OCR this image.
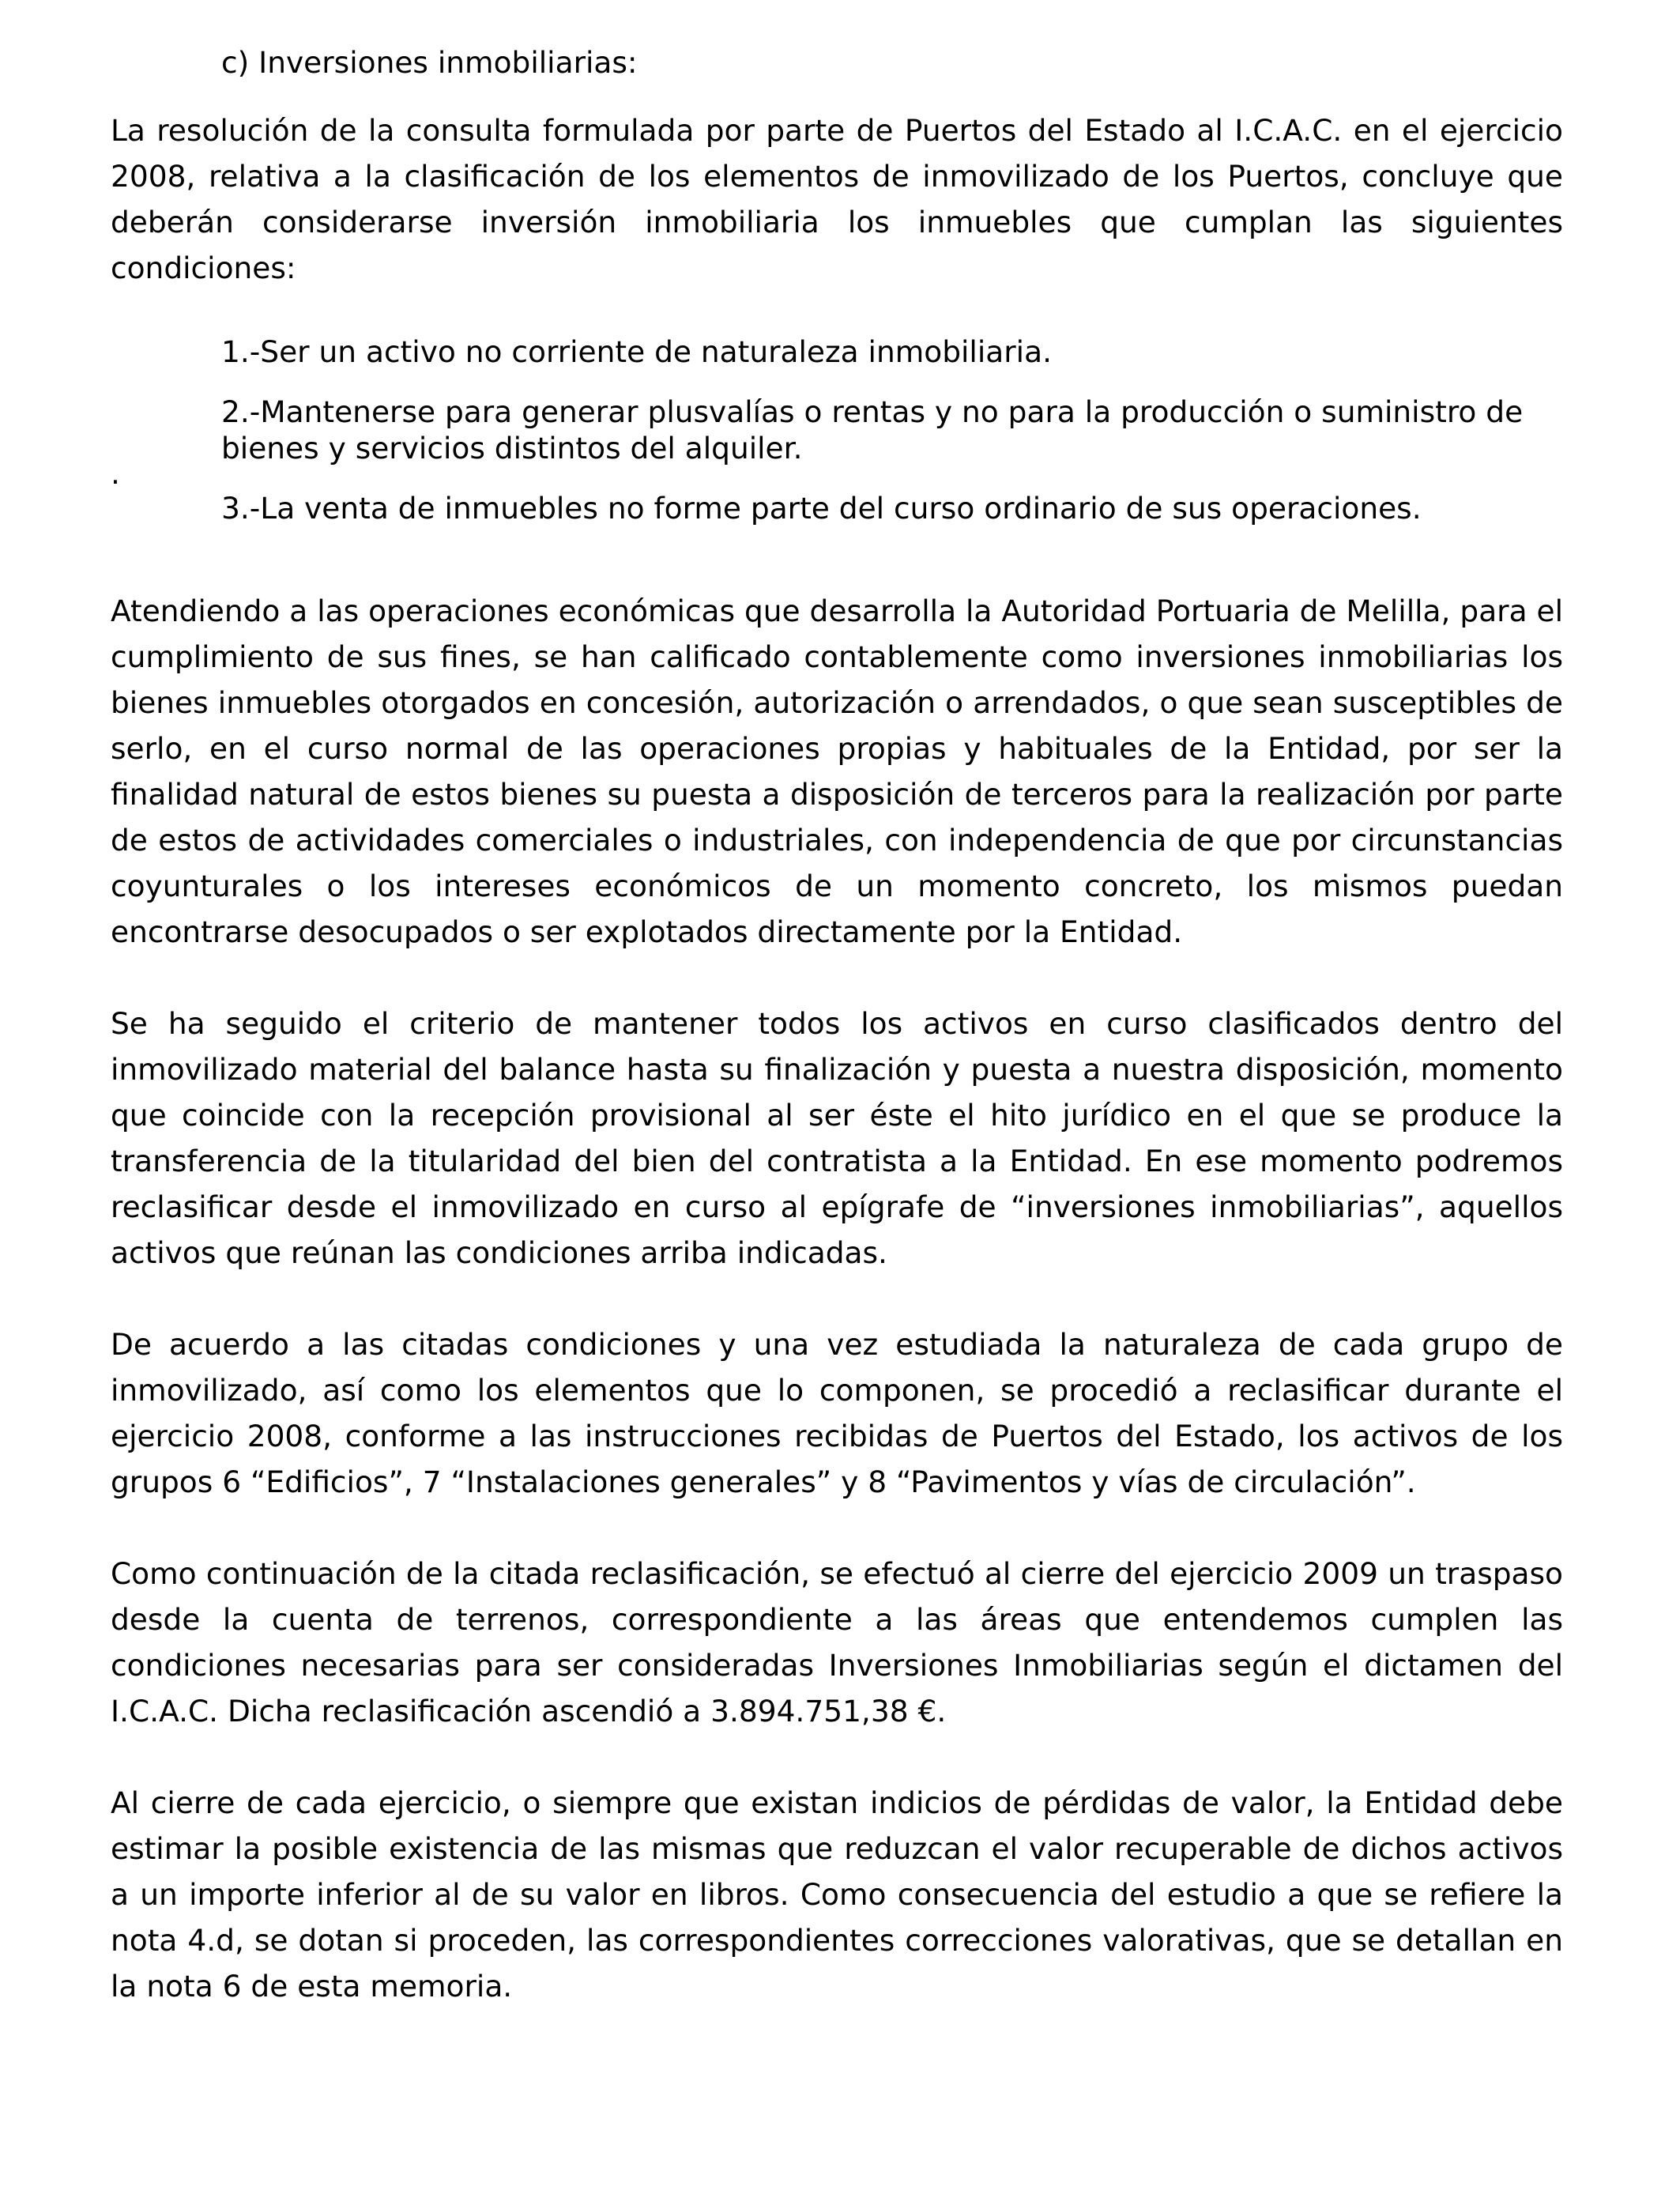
c) Inversiones inmobiliarias:

La resolución de la consulta formulada por parte de Puertos del Estado al I.C.A.C. en el ejercicio 2008, relativa a la clasificación de los elementos de inmovilizado de los Puertos, concluye que deberán considerarse inversión inmobiliaria los inmuebles que cumplan las siguientes condiciones:

1.-Ser un activo no corriente de naturaleza inmobiliaria.
2.-Mantenerse para generar plusvalías o rentas y no para la producción o suministro de bienes y servicios distintos del alquiler.
.
3.-La venta de inmuebles no forme parte del curso ordinario de sus operaciones.

Atendiendo a las operaciones económicas que desarrolla la Autoridad Portuaria de Melilla, para el cumplimiento de sus fines, se han calificado contablemente como inversiones inmobiliarias los bienes inmuebles otorgados en concesión, autorización o arrendados, o que sean susceptibles de serlo, en el curso normal de las operaciones propias y habituales de la Entidad, por ser la finalidad natural de estos bienes su puesta a disposición de terceros para la realización por parte de estos de actividades comerciales o industriales, con independencia de que por circunstancias coyunturales o los intereses económicos de un momento concreto, los mismos puedan encontrarse desocupados o ser explotados directamente por la Entidad.

Se ha seguido el criterio de mantener todos los activos en curso clasificados dentro del inmovilizado material del balance hasta su finalización y puesta a nuestra disposición, momento que coincide con la recepción provisional al ser éste el hito jurídico en el que se produce la transferencia de la titularidad del bien del contratista a la Entidad. En ese momento podremos reclasificar desde el inmovilizado en curso al epígrafe de “inversiones inmobiliarias”, aquellos activos que reúnan las condiciones arriba indicadas.

De acuerdo a las citadas condiciones y una vez estudiada la naturaleza de cada grupo de inmovilizado, así como los elementos que lo componen, se procedió a reclasificar durante el ejercicio 2008, conforme a las instrucciones recibidas de Puertos del Estado, los activos de los grupos 6 “Edificios”, 7 “Instalaciones generales” y 8 “Pavimentos y vías de circulación”.

Como continuación de la citada reclasificación, se efectuó al cierre del ejercicio 2009 un traspaso desde la cuenta de terrenos, correspondiente a las áreas que entendemos cumplen las condiciones necesarias para ser consideradas Inversiones Inmobiliarias según el dictamen del I.C.A.C. Dicha reclasificación ascendió a 3.894.751,38 €.

Al cierre de cada ejercicio, o siempre que existan indicios de pérdidas de valor, la Entidad debe estimar la posible existencia de las mismas que reduzcan el valor recuperable de dichos activos a un importe inferior al de su valor en libros. Como consecuencia del estudio a que se refiere la nota 4.d, se dotan si proceden, las correspondientes correcciones valorativas, que se detallan en la nota 6 de esta memoria.
